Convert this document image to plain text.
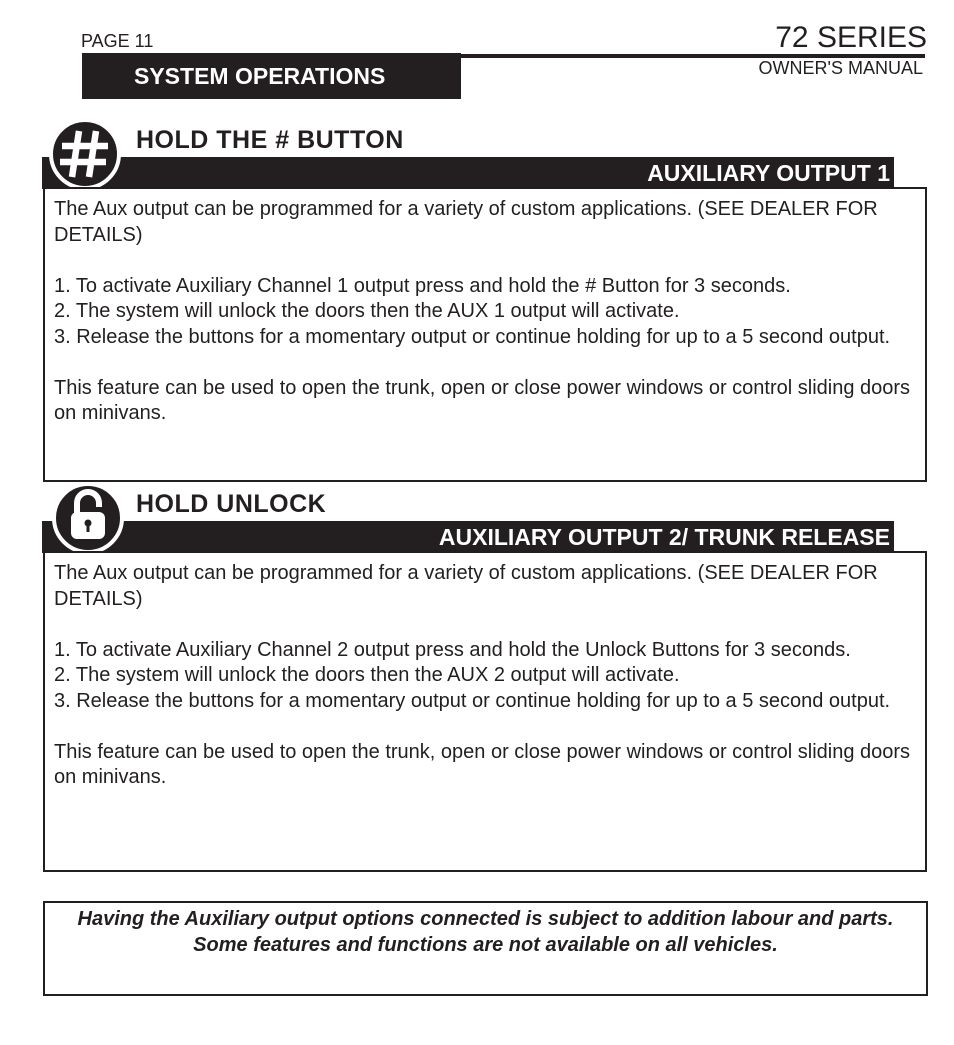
PAGE 11	72 SERIES
OWNER'S MANUAL
SYSTEM OPERATIONS
HOLD THE # BUTTON
AUXILIARY OUTPUT 1

The Aux output can be programmed for a variety of custom applications. (SEE DEALER FOR DETAILS)

1. To activate Auxiliary Channel 1 output press and hold the # Button for 3 seconds.

2. The system will unlock the doors then the AUX 1 output will activate.

3. Release the buttons for a momentary output or continue holding for up to a 5 second output.

This feature can be used to open the trunk, open or close power windows or control sliding doors on minivans.

HOLD UNLOCK
AUXILIARY OUTPUT 2/ TRUNK RELEASE

The Aux output can be programmed for a variety of custom applications. (SEE DEALER FOR DETAILS)

1. To activate Auxiliary Channel 2 output press and hold the Unlock Buttons for 3 seconds.

2. The system will unlock the doors then the AUX 2 output will activate.

3. Release the buttons for a momentary output or continue holding for up to a 5 second output.

This feature can be used to open the trunk, open or close power windows or control sliding doors on minivans.

Having the Auxiliary output options connected is subject to addition labour and parts. Some features and functions are not available on all vehicles.
